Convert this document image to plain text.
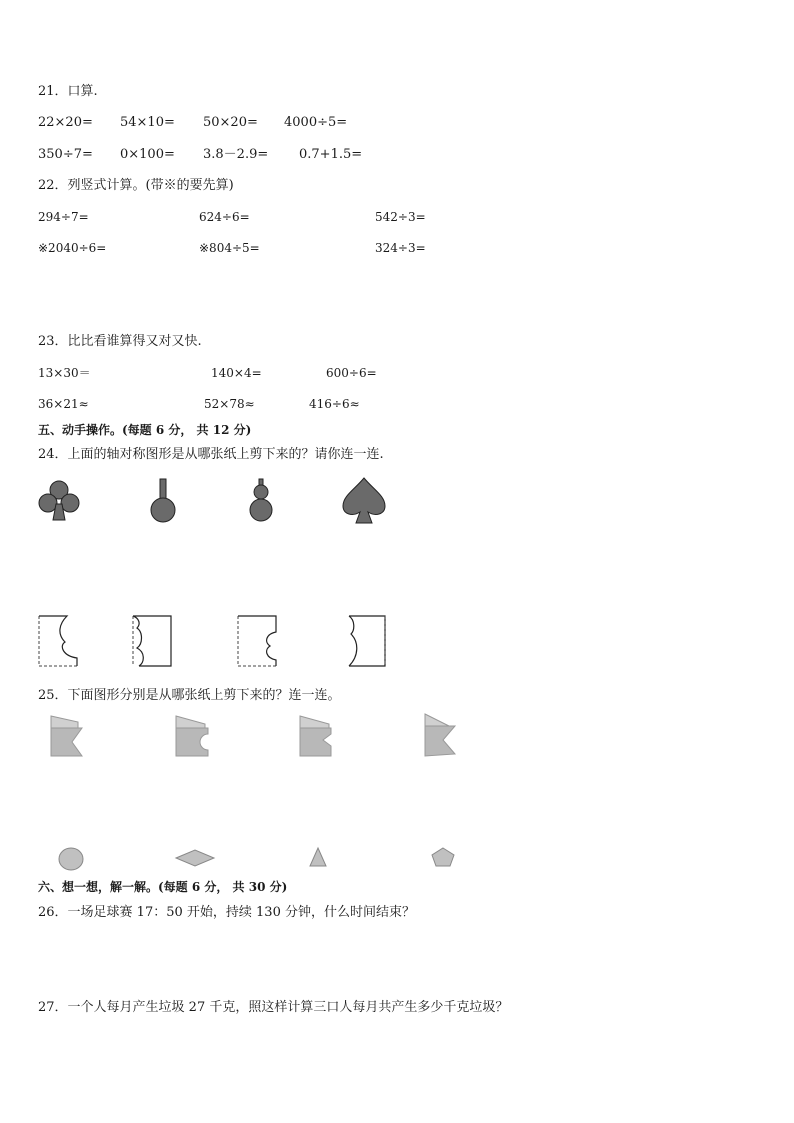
21．口算.
22×20= 54×10= 50×20= 4000÷5=
350÷7= 0×100= 3.8－2.9= 0.7+1.5=
22．列竖式计算。(带※的要先算)
294÷7=	624÷6=	542÷3=
※2040÷6=	※804÷5=	324÷3=
23．比比看谁算得又对又快.
13×30＝	140×4=	600÷6=
36×21≈	52×78≈	416÷6≈
五、动手操作。(每题 6 分， 共 12 分)
24．上面的轴对称图形是从哪张纸上剪下来的？请你连一连.
25．下面图形分别是从哪张纸上剪下来的？连一连。
六、想一想，解一解。(每题 6 分， 共 30 分)
26．一场足球赛 17：50 开始，持续 130 分钟，什么时间结束？
27．一个人每月产生垃圾 27 千克，照这样计算三口人每月共产生多少千克垃圾？
